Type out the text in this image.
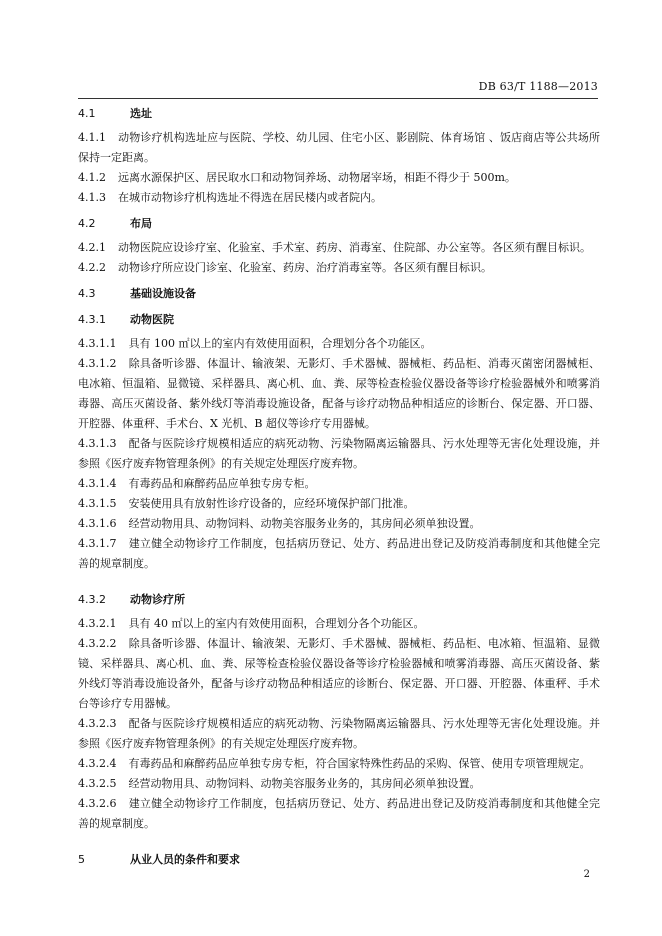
DB 63/T 1188—2013
4.1	选址

4.1.1 动物诊疗机构选址应与医院、学校、幼儿园、住宅小区、影剧院、体育场馆 、饭店商店等公共场所保持一定距离。

4.1.2 远离水源保护区、居民取水口和动物饲养场、动物屠宰场，相距不得少于 500m。

4.1.3 在城市动物诊疗机构选址不得选在居民楼内或者院内。

4.2	布局

4.2.1 动物医院应设诊疗室、化验室、手术室、药房、消毒室、住院部、办公室等。各区须有醒目标识。

4.2.2 动物诊疗所应设门诊室、化验室、药房、治疗消毒室等。各区须有醒目标识。

4.3	基础设施设备
4.3.1 动物医院

4.3.1.1 具有 100 ㎡以上的室内有效使用面积，合理划分各个功能区。

4.3.1.2 除具备听诊器、体温计、输液架、无影灯、手术器械、器械柜、药品柜、消毒灭菌密闭器械柜、电冰箱、恒温箱、显微镜、采样器具、离心机、血、粪、尿等检查检验仪器设备等诊疗检验器械外和喷雾消毒器、高压灭菌设备、紫外线灯等消毒设施设备，配备与诊疗动物品种相适应的诊断台、保定器、开口器、开腔器、体重秤、手术台、X 光机、B 超仪等诊疗专用器械。

4.3.1.3 配备与医院诊疗规模相适应的病死动物、污染物隔离运输器具、污水处理等无害化处理设施，并参照《医疗废弃物管理条例》的有关规定处理医疗废弃物。

4.3.1.4 有毒药品和麻醉药品应单独专房专柜。

4.3.1.5 安装使用具有放射性诊疗设备的，应经环境保护部门批准。

4.3.1.6 经营动物用具、动物饲料、动物美容服务业务的，其房间必须单独设置。

4.3.1.7 建立健全动物诊疗工作制度，包括病历登记、处方、药品进出登记及防疫消毒制度和其他健全完善的规章制度。

4.3.2 动物诊疗所

4.3.2.1 具有 40 ㎡以上的室内有效使用面积，合理划分各个功能区。

4.3.2.2 除具备听诊器、体温计、输液架、无影灯、手术器械、器械柜、药品柜、电冰箱、恒温箱、显微镜、采样器具、离心机、血、粪、尿等检查检验仪器设备等诊疗检验器械和喷雾消毒器、高压灭菌设备、紫外线灯等消毒设施设备外，配备与诊疗动物品种相适应的诊断台、保定器、开口器、开腔器、体重秤、手术台等诊疗专用器械。

4.3.2.3 配备与医院诊疗规模相适应的病死动物、污染物隔离运输器具、污水处理等无害化处理设施。并参照《医疗废弃物管理条例》的有关规定处理医疗废弃物。

4.3.2.4 有毒药品和麻醉药品应单独专房专柜，符合国家特殊性药品的采购、保管、使用专项管理规定。

4.3.2.5 经营动物用具、动物饲料、动物美容服务业务的，其房间必须单独设置。

4.3.2.6 建立健全动物诊疗工作制度，包括病历登记、处方、药品进出登记及防疫消毒制度和其他健全完善的规章制度。

5	从业人员的条件和要求
2
